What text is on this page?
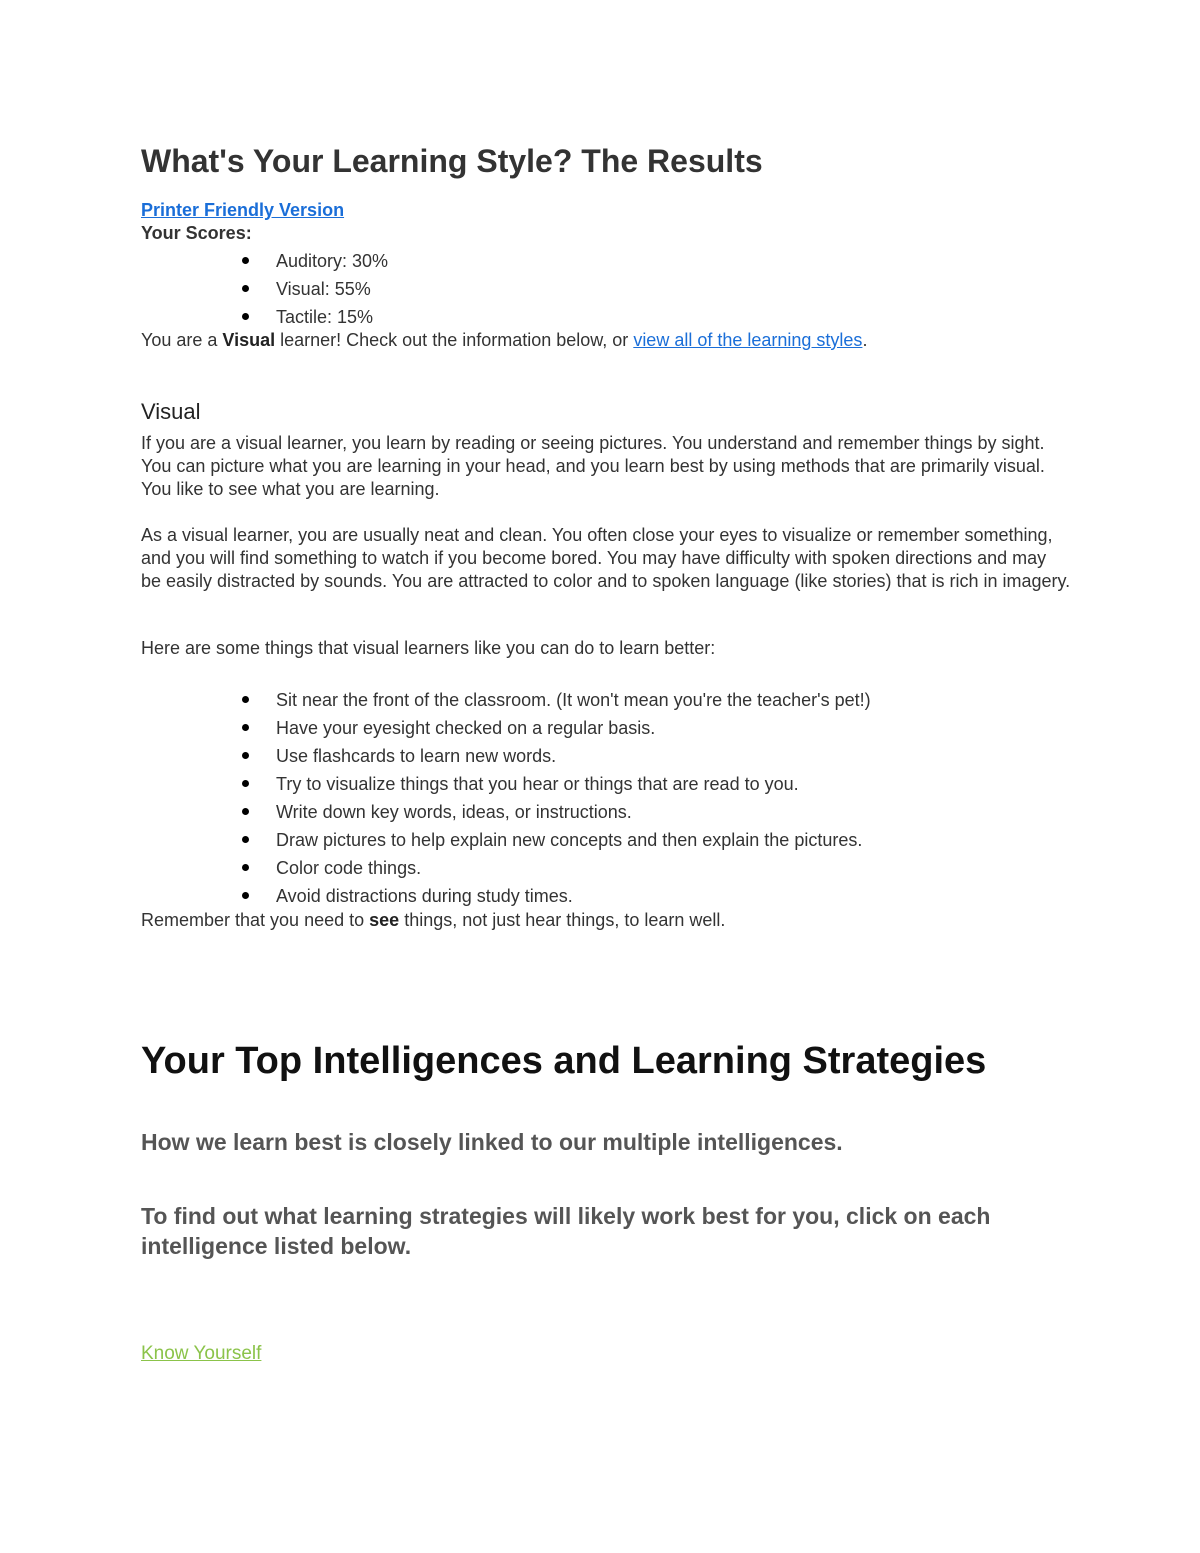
What's Your Learning Style? The Results
Printer Friendly Version
Your Scores:
Auditory: 30%
Visual: 55%
Tactile: 15%
You are a Visual learner! Check out the information below, or view all of the learning styles.
Visual
If you are a visual learner, you learn by reading or seeing pictures. You understand and remember things by sight. You can picture what you are learning in your head, and you learn best by using methods that are primarily visual. You like to see what you are learning.
As a visual learner, you are usually neat and clean. You often close your eyes to visualize or remember something, and you will find something to watch if you become bored. You may have difficulty with spoken directions and may be easily distracted by sounds. You are attracted to color and to spoken language (like stories) that is rich in imagery.
Here are some things that visual learners like you can do to learn better:
Sit near the front of the classroom. (It won't mean you're the teacher's pet!)
Have your eyesight checked on a regular basis.
Use flashcards to learn new words.
Try to visualize things that you hear or things that are read to you.
Write down key words, ideas, or instructions.
Draw pictures to help explain new concepts and then explain the pictures.
Color code things.
Avoid distractions during study times.
Remember that you need to see things, not just hear things, to learn well.
Your Top Intelligences and Learning Strategies
How we learn best is closely linked to our multiple intelligences.
To find out what learning strategies will likely work best for you, click on each intelligence listed below.
Know Yourself
